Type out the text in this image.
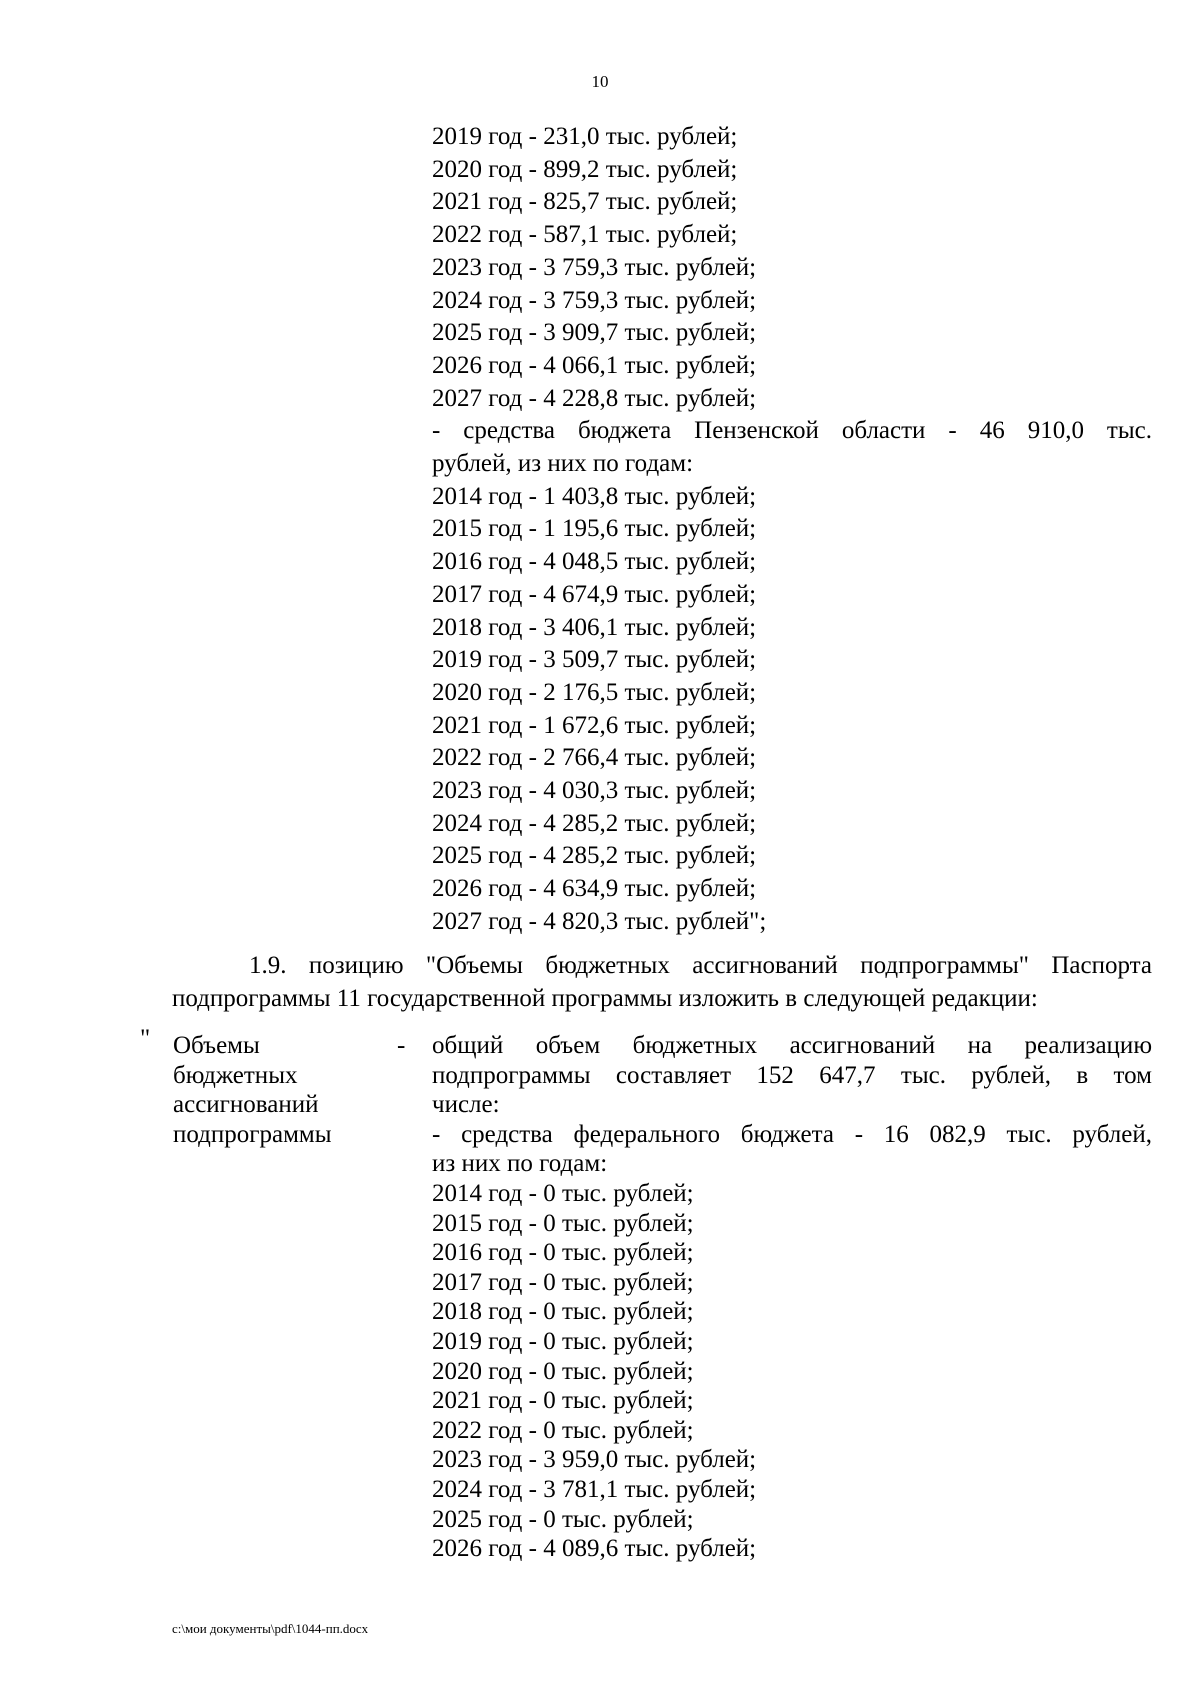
10
2019 год - 231,0 тыс. рублей;
2020 год - 899,2 тыс. рублей;
2021 год - 825,7 тыс. рублей;
2022 год - 587,1 тыс. рублей;
2023 год - 3 759,3 тыс. рублей;
2024 год - 3 759,3 тыс. рублей;
2025 год - 3 909,7 тыс. рублей;
2026 год - 4 066,1 тыс. рублей;
2027 год - 4 228,8 тыс. рублей;
- средства бюджета Пензенской области - 46 910,0 тыс.
рублей, из них по годам:
2014 год - 1 403,8 тыс. рублей;
2015 год - 1 195,6 тыс. рублей;
2016 год - 4 048,5 тыс. рублей;
2017 год - 4 674,9 тыс. рублей;
2018 год - 3 406,1 тыс. рублей;
2019 год - 3 509,7 тыс. рублей;
2020 год - 2 176,5 тыс. рублей;
2021 год - 1 672,6 тыс. рублей;
2022 год - 2 766,4 тыс. рублей;
2023 год - 4 030,3 тыс. рублей;
2024 год - 4 285,2 тыс. рублей;
2025 год - 4 285,2 тыс. рублей;
2026 год - 4 634,9 тыс. рублей;
2027 год - 4 820,3 тыс. рублей";
1.9. позицию "Объемы бюджетных ассигнований подпрограммы" Паспорта
подпрограммы 11 государственной программы изложить в следующей редакции:
" Объемы
бюджетных
ассигнований
подпрограммы
- общий объем бюджетных ассигнований на реализацию
подпрограммы составляет 152 647,7 тыс. рублей, в том
числе:
- средства федерального бюджета - 16 082,9 тыс. рублей,
из них по годам:
2014 год - 0 тыс. рублей;
2015 год - 0 тыс. рублей;
2016 год - 0 тыс. рублей;
2017 год - 0 тыс. рублей;
2018 год - 0 тыс. рублей;
2019 год - 0 тыс. рублей;
2020 год - 0 тыс. рублей;
2021 год - 0 тыс. рублей;
2022 год - 0 тыс. рублей;
2023 год - 3 959,0 тыс. рублей;
2024 год - 3 781,1 тыс. рублей;
2025 год - 0 тыс. рублей;
2026 год - 4 089,6 тыс. рублей;
c:\мои документы\pdf\1044-пп.docx
